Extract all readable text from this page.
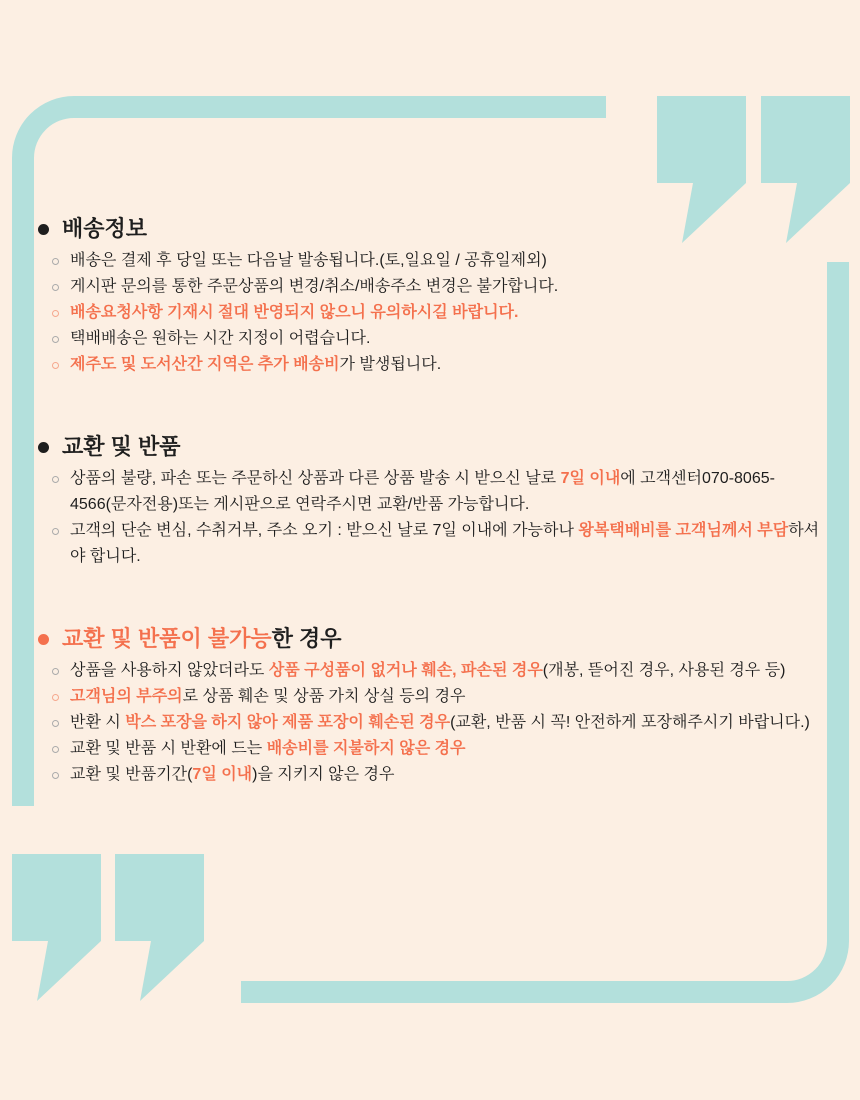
배송정보

배송은 결제 후 당일 또는 다음날 발송됩니다.(토,일요일 / 공휴일제외)

게시판 문의를 통한 주문상품의 변경/취소/배송주소 변경은 불가합니다.

배송요청사항 기재시 절대 반영되지 않으니 유의하시길 바랍니다.

택배배송은 원하는 시간 지정이 어렵습니다.

제주도 및 도서산간 지역은 추가 배송비가 발생됩니다.

교환 및 반품

상품의 불량, 파손 또는 주문하신 상품과 다른 상품 발송 시 받으신 날로 7일 이내에 고객센터070-8065-4566(문자전용)또는 게시판으로 연락주시면 교환/반품 가능합니다.

고객의 단순 변심, 수취거부, 주소 오기 : 받으신 날로 7일 이내에 가능하나 왕복택배비를 고객님께서 부담하셔야 합니다.

교환 및 반품이 불가능한 경우

상품을 사용하지 않았더라도 상품 구성품이 없거나 훼손, 파손된 경우(개봉, 뜯어진 경우, 사용된 경우 등)

고객님의 부주의로 상품 훼손 및 상품 가치 상실 등의 경우

반환 시 박스 포장을 하지 않아 제품 포장이 훼손된 경우(교환, 반품 시 꼭! 안전하게 포장해주시기 바랍니다.)

교환 및 반품 시 반환에 드는 배송비를 지불하지 않은 경우

교환 및 반품기간(7일 이내)을 지키지 않은 경우
